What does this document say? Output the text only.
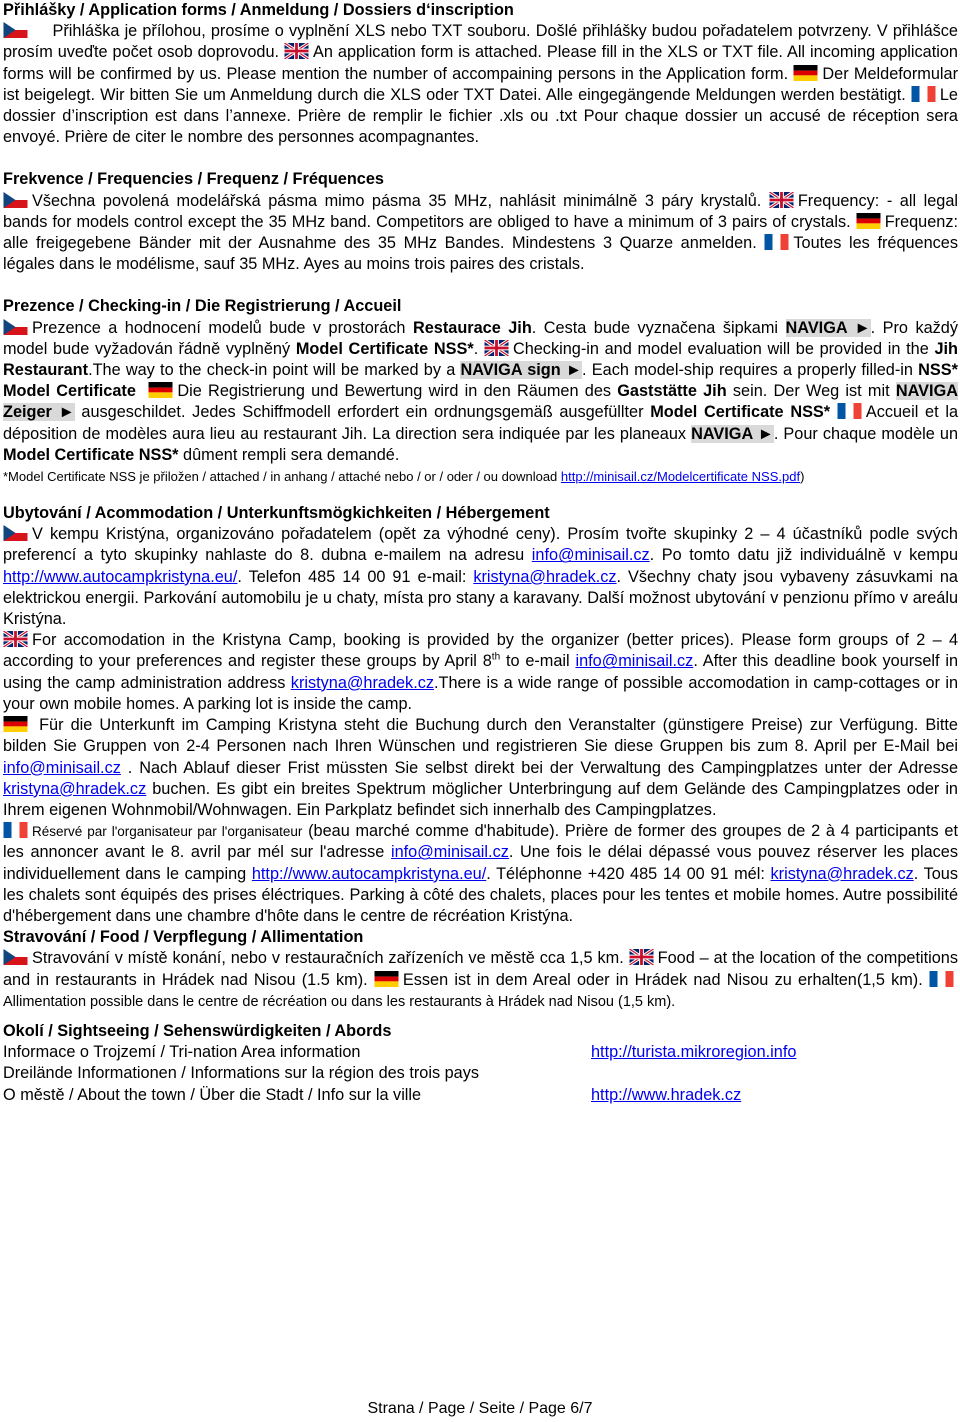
Přihlášky / Application forms / Anmeldung / Dossiers d‘inscription

Přihláška je přílohou, prosíme o vyplnění XLS nebo TXT souboru. Došlé přihlášky budou pořadatelem potvrzeny. V přihlášce prosím uveďte počet osob doprovodu. An application form is attached. Please fill in the XLS or TXT file. All incoming application forms will be confirmed by us. Please mention the number of accompaining persons in the Application form. Der Meldeformular ist beigelegt. Wir bitten Sie um Anmeldung durch die XLS oder TXT Datei. Alle eingegängende Meldungen werden bestätigt. Le dossier d’inscription est dans l’annexe. Prière de remplir le fichier .xls ou .txt Pour chaque dossier un accusé de réception sera envoyé. Prière de citer le nombre des personnes acompagnantes.

Frekvence / Frequencies / Frequenz / Fréquences

Všechna povolená modelářská pásma mimo pásma 35 MHz, nahlásit minimálně 3 páry krystalů. Frequency: - all legal bands for models control except the 35 MHz band. Competitors are obliged to have a minimum of 3 pairs of crystals. Frequenz: alle freigegebene Bänder mit der Ausnahme des 35 MHz Bandes. Mindestens 3 Quarze anmelden. Toutes les fréquences légales dans le modélisme, sauf 35 MHz. Ayes au moins trois paires des cristals.

Prezence / Checking-in / Die Registrierung / Accueil

Prezence a hodnocení modelů bude v prostorách Restaurace Jih. Cesta bude vyznačena šipkami NAVIGA ►. Pro každý model bude vyžadován řádně vyplněný Model Certificate NSS*.
Checking-in and model evaluation will be provided in the Jih Restaurant.The way to the check-in point will be marked by a NAVIGA sign ►. Each model-ship requires a properly filled-in NSS* Model Certificate	Die Registrierung und Bewertung wird in den Räumen des Gaststätte Jih sein. Der Weg ist mit NAVIGA Zeiger ► ausgeschildet. Jedes Schiffmodell erfordert ein ordnungsgemäß ausgefüllter Model Certificate NSS* Accueil et la déposition de modèles aura lieu au restaurant Jih. La direction sera indiquée par les planeaux NAVIGA ►. Pour chaque modèle un Model Certificate NSS* dûment rempli sera demandé.

*Model Certificate NSS je přiložen / attached / in anhang / attaché nebo / or / oder / ou download http://minisail.cz/Modelcertificate NSS.pdf)

Ubytování / Acommodation / Unterkunftsmögkichkeiten / Hébergement

V kempu Kristýna, organizováno pořadatelem (opět za výhodné ceny). Prosím tvořte skupinky 2 – 4 účastníků podle svých preferencí a tyto skupinky nahlaste do 8. dubna e-mailem na adresu info@minisail.cz. Po tomto datu již individuálně v kempu http://www.autocampkristyna.eu/. Telefon 485 14 00 91 e-mail: kristyna@hradek.cz. Všechny chaty jsou vybaveny zásuvkami na elektrickou energii. Parkování automobilu je u chaty, místa pro stany a karavany. Další možnost ubytování v penzionu přímo v areálu Kristýna.

For accomodation in the Kristyna Camp, booking is provided by the organizer (better prices). Please form groups of 2 – 4 according to your preferences and register these groups by April 8th to e-mail info@minisail.cz. After this deadline book yourself in using the camp administration address kristyna@hradek.cz.There is a wide range of possible accomodation in camp-cottages or in your own mobile homes. A parking lot is inside the camp.

Für die Unterkunft im Camping Kristyna steht die Buchung durch den Veranstalter (günstigere Preise) zur Verfügung. Bitte bilden Sie Gruppen von 2-4 Personen nach Ihren Wünschen und registrieren Sie diese Gruppen bis zum 8. April per E-Mail bei info@minisail.cz . Nach Ablauf dieser Frist müssten Sie selbst direkt bei der Verwaltung des Campingplatzes unter der Adresse kristyna@hradek.cz buchen. Es gibt ein breites Spektrum möglicher Unterbringung auf dem Gelände des Campingplatzes oder in Ihrem eigenen Wohnmobil/Wohnwagen. Ein Parkplatz befindet sich innerhalb des Campingplatzes.

Réservé par l'organisateur par l'organisateur (beau marché comme d'habitude). Prière de former des groupes de 2 à 4 participants et les annoncer avant le 8. avril par mél sur l'adresse info@minisail.cz. Une fois le délai dépassé vous pouvez réserver les places individuellement dans le camping http://www.autocampkristyna.eu/. Téléphonne +420 485 14 00 91 mél: kristyna@hradek.cz. Tous les chalets sont équipés des prises éléctriques. Parking à côté des chalets, places pour les tentes et mobile homes. Autre possibilité d'hébergement dans une chambre d'hôte dans le centre de récréation Kristýna.

Stravování / Food / Verpflegung / Allimentation

Stravování v místě konání, nebo v restauračních zařízeních ve městě cca 1,5 km. Food – at the location of the competitions and in restaurants in Hrádek nad Nisou (1.5 km). Essen ist in dem Areal oder in Hrádek nad Nisou zu erhalten(1,5 km).
Allimentation possible dans le centre de récréation ou dans les restaurants à Hrádek nad Nisou (1,5 km).

Okolí / Sightseeing / Sehenswürdigkeiten / Abords

Informace o Trojzemí / Tri-nation Area information	http://turista.mikroregion.info
Dreilände Informationen / Informations sur la région des trois pays
O městě / About the town / Über die Stadt / Info sur la ville	http://www.hradek.cz
Strana / Page / Seite / Page 6/7
